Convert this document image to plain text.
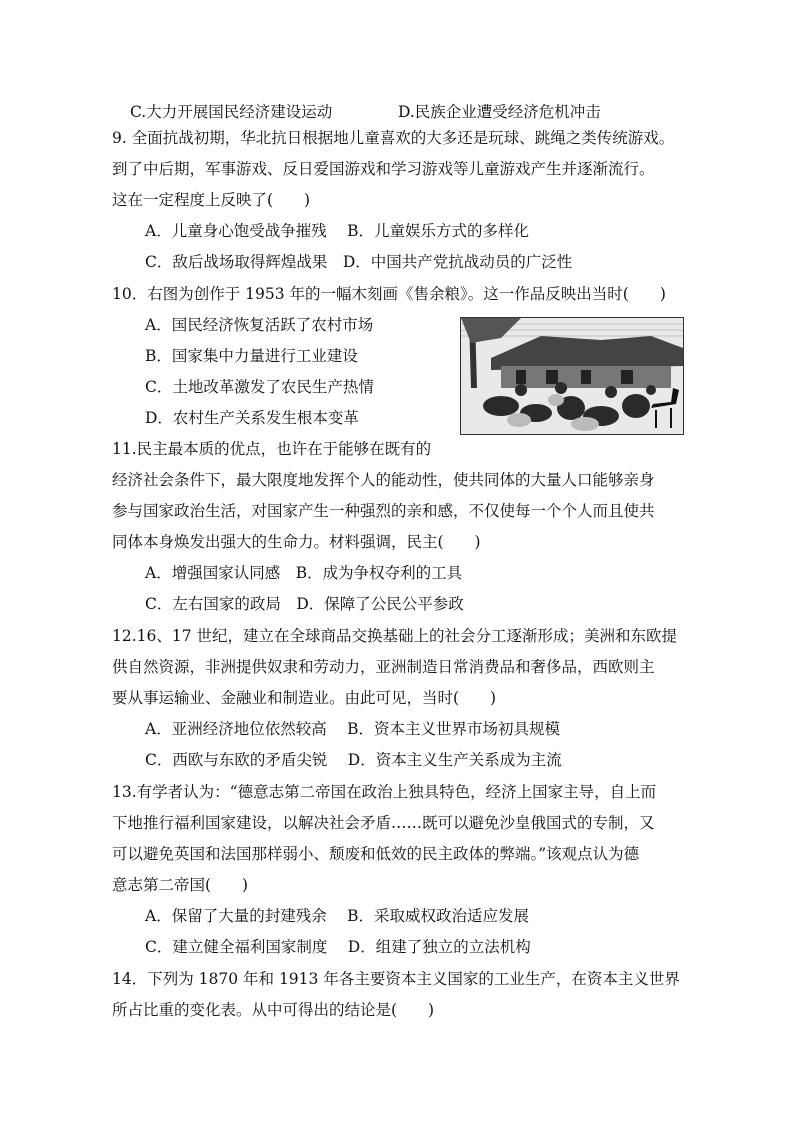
C.大力开展国民经济建设运动	D.民族企业遭受经济危机冲击
9. 全面抗战初期，华北抗日根据地儿童喜欢的大多还是玩球、跳绳之类传统游戏。
到了中后期，军事游戏、反日爱国游戏和学习游戏等儿童游戏产生并逐渐流行。
这在一定程度上反映了(　　)
A．儿童身心饱受战争摧残　 B．儿童娱乐方式的多样化
C．敌后战场取得辉煌战果　D．中国共产党抗战动员的广泛性
10．右图为创作于 1953 年的一幅木刻画《售余粮》。这一作品反映出当时(　　)
A．国民经济恢复活跃了农村市场
B．国家集中力量进行工业建设
C．土地改革激发了农民生产热情
D．农村生产关系发生根本变革
11.民主最本质的优点，也许在于能够在既有的
经济社会条件下，最大限度地发挥个人的能动性，使共同体的大量人口能够亲身
参与国家政治生活，对国家产生一种强烈的亲和感，不仅使每一个个人而且使共
同体本身焕发出强大的生命力。材料强调，民主(　　)
A．增强国家认同感　B．成为争权夺利的工具
C．左右国家的政局　D．保障了公民公平参政
12.16、17 世纪，建立在全球商品交换基础上的社会分工逐渐形成；美洲和东欧提
供自然资源，非洲提供奴隶和劳动力，亚洲制造日常消费品和奢侈品，西欧则主
要从事运输业、金融业和制造业。由此可见，当时(　　)
A．亚洲经济地位依然较高　 B．资本主义世界市场初具规模
C．西欧与东欧的矛盾尖锐　 D．资本主义生产关系成为主流
13.有学者认为：“德意志第二帝国在政治上独具特色，经济上国家主导，自上而
下地推行福利国家建设，以解决社会矛盾……既可以避免沙皇俄国式的专制，又
可以避免英国和法国那样弱小、颓废和低效的民主政体的弊端。”该观点认为德
意志第二帝国(　　)
A．保留了大量的封建残余　 B．采取威权政治适应发展
C．建立健全福利国家制度　 D．组建了独立的立法机构
14．下列为 1870 年和 1913 年各主要资本主义国家的工业生产，在资本主义世界
所占比重的变化表。从中可得出的结论是(　　)
